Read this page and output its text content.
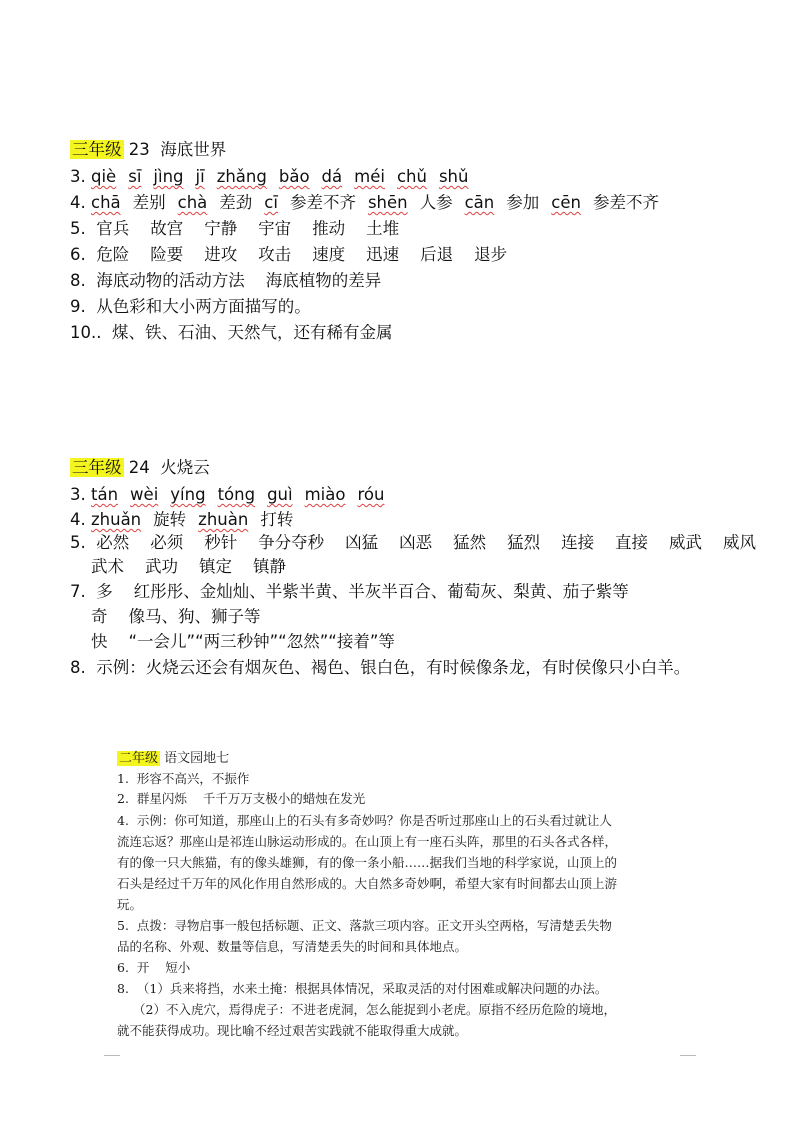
三年级 23  海底世界
3. qiè sī jìng jī zhǎng bǎo dá méi chǔ shǔ
4. chā 差别 chà 差劲 cī 参差不齐 shēn 人参 cān 参加 cēn 参差不齐
5.  官兵    故宫    宁静    宇宙    推动    土堆
6.  危险    险要    进攻    攻击    速度    迅速    后退    退步
8.  海底动物的活动方法    海底植物的差异
9.  从色彩和大小两方面描写的。
10..  煤、铁、石油、天然气，还有稀有金属
三年级 24  火烧云
3. tán wèi yíng tóng guì miào róu
4. zhuǎn 旋转 zhuàn 打转
5.  必然    必须    秒针    争分夺秒    凶猛    凶恶    猛然    猛烈    连接    直接    威武    威风
武术    武功    镇定    镇静
7.  多    红彤彤、金灿灿、半紫半黄、半灰半百合、葡萄灰、梨黄、茄子紫等
奇    像马、狗、狮子等
快    “一会儿”“两三秒钟”“忽然”“接着”等
8.  示例：火烧云还会有烟灰色、褐色、银白色，有时候像条龙，有时侯像只小白羊。
二年级 语文园地七
1.  形容不高兴，不振作
2.  群星闪烁    千千万万支极小的蜡烛在发光
4.  示例：你可知道，那座山上的石头有多奇妙吗？你是否听过那座山上的石头看过就让人
流连忘返？那座山是祁连山脉运动形成的。在山顶上有一座石头阵，那里的石头各式各样，
有的像一只大熊猫，有的像头雄狮，有的像一条小船……据我们当地的科学家说，山顶上的
石头是经过千万年的风化作用自然形成的。大自然多奇妙啊，希望大家有时间都去山顶上游
玩。
5.  点拨：寻物启事一般包括标题、正文、落款三项内容。正文开头空两格，写清楚丢失物
品的名称、外观、数量等信息，写清楚丢失的时间和具体地点。
6.  开    短小
8.  （1）兵来将挡，水来土掩：根据具体情况，采取灵活的对付困难或解决问题的办法。
（2）不入虎穴，焉得虎子：不进老虎洞，怎么能捉到小老虎。原指不经历危险的境地，
就不能获得成功。现比喻不经过艰苦实践就不能取得重大成就。
